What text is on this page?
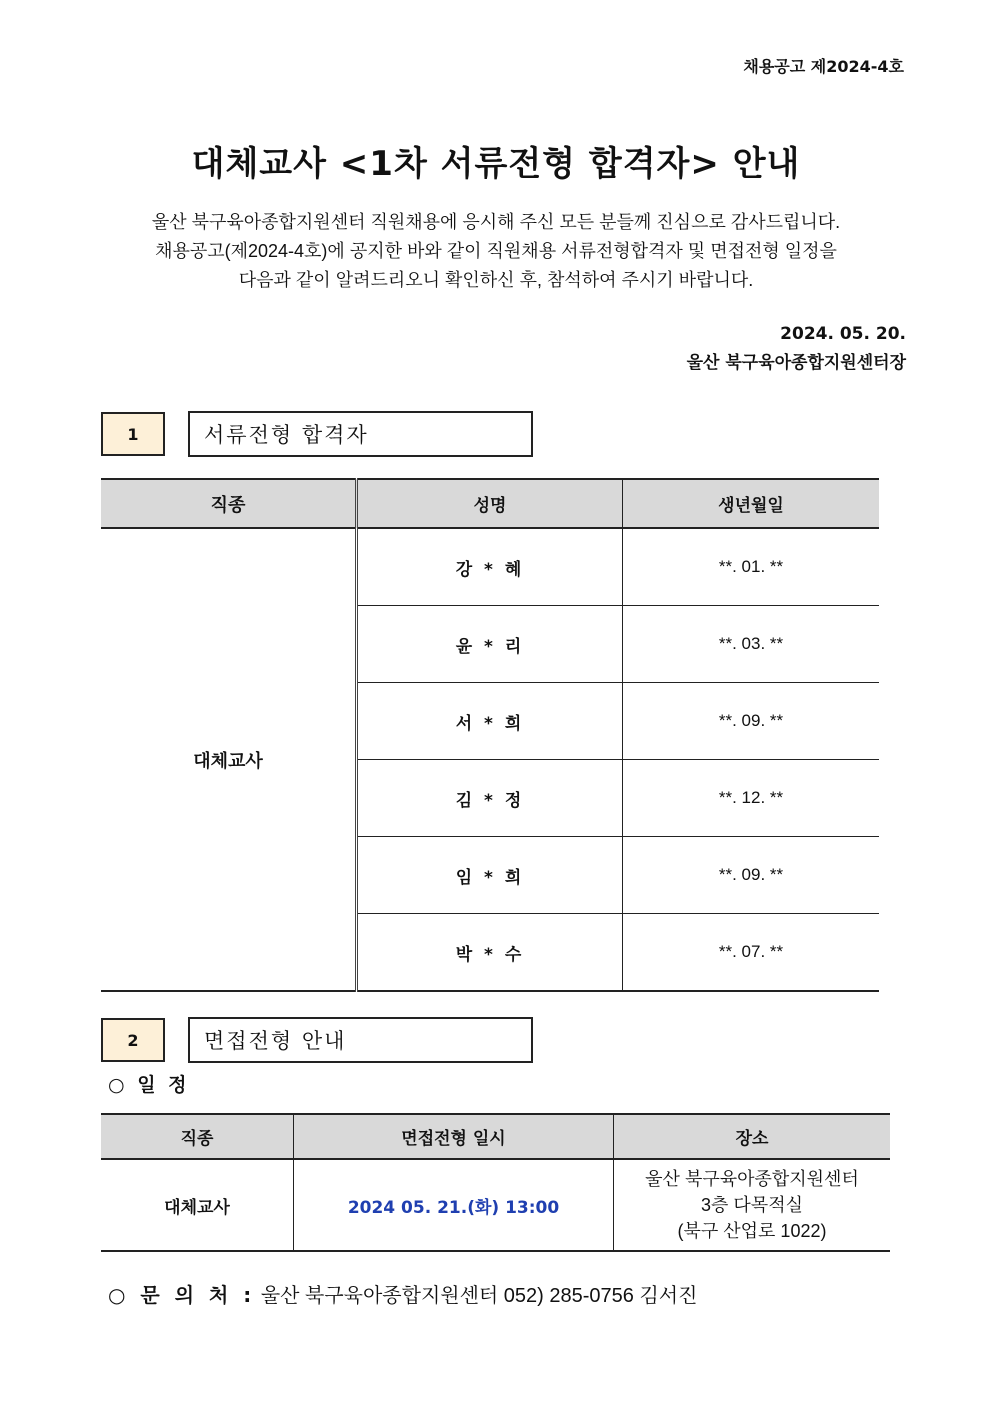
채용공고 제2024-4호
대체교사 <1차 서류전형 합격자> 안내
울산 북구육아종합지원센터 직원채용에 응시해 주신 모든 분들께 진심으로 감사드립니다.
채용공고(제2024-4호)에 공지한 바와 같이 직원채용 서류전형합격자 및 면접전형 일정을
다음과 같이 알려드리오니 확인하신 후, 참석하여 주시기 바랍니다.
2024. 05. 20.
울산 북구육아종합지원센터장
1	서류전형 합격자
직종	성명	생년월일
대체교사	강 * 혜	**. 01. **
	윤 * 리	**. 03. **
	서 * 희	**. 09. **
	김 * 정	**. 12. **
	임 * 희	**. 09. **
	박 * 수	**. 07. **
2	면접전형 안내
○ 일 정
직종	면접전형 일시	장소
대체교사	2024 05. 21.(화) 13:00	울산 북구육아종합지원센터
3층 다목적실
(북구 산업로 1022)
○ 문 의 처 : 울산 북구육아종합지원센터 052) 285-0756 김서진
